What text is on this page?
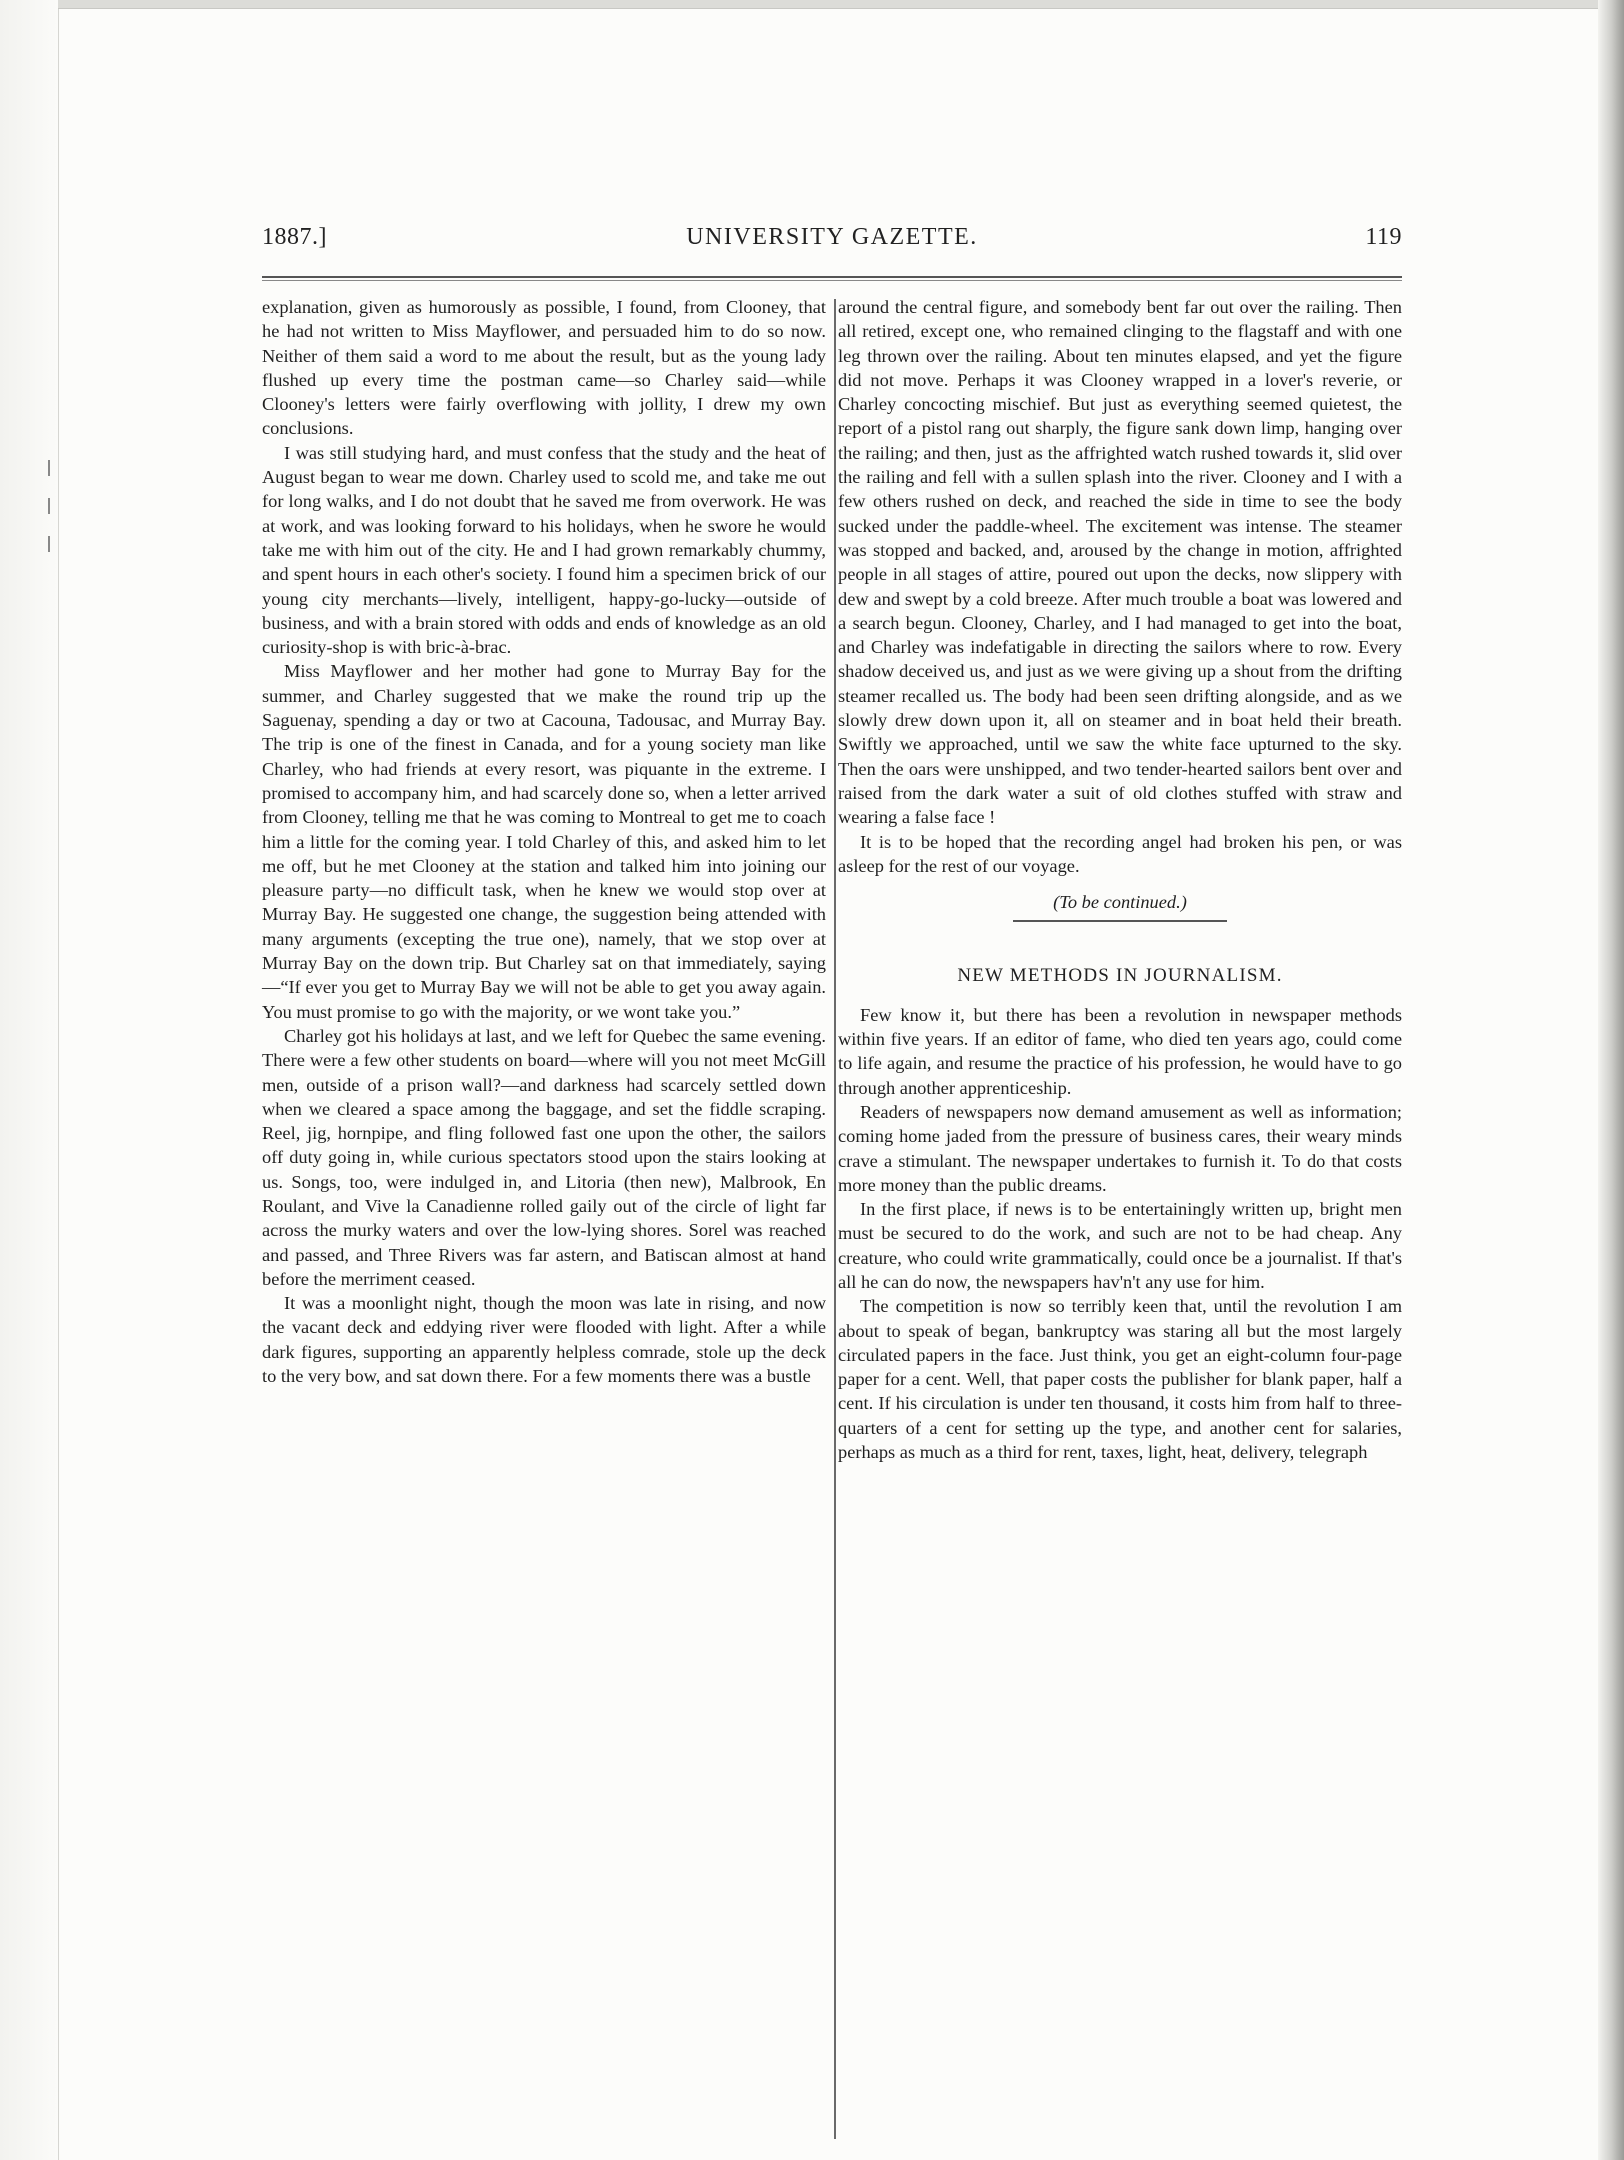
1887.]	UNIVERSITY GAZETTE.	119

explanation, given as humorously as possible, I found, from Clooney, that he had not written to Miss Mayflower, and persuaded him to do so now. Neither of them said a word to me about the result, but as the young lady flushed up every time the postman came—so Charley said—while Clooney's letters were fairly overflowing with jollity, I drew my own conclusions.

I was still studying hard, and must confess that the study and the heat of August began to wear me down. Charley used to scold me, and take me out for long walks, and I do not doubt that he saved me from overwork. He was at work, and was looking forward to his holidays, when he swore he would take me with him out of the city. He and I had grown remarkably chummy, and spent hours in each other's society. I found him a specimen brick of our young city merchants—lively, intelligent, happy-go-lucky—outside of business, and with a brain stored with odds and ends of knowledge as an old curiosity-shop is with bric-à-brac.

Miss Mayflower and her mother had gone to Murray Bay for the summer, and Charley suggested that we make the round trip up the Saguenay, spending a day or two at Cacouna, Tadousac, and Murray Bay. The trip is one of the finest in Canada, and for a young society man like Charley, who had friends at every resort, was piquante in the extreme. I promised to accompany him, and had scarcely done so, when a letter arrived from Clooney, telling me that he was coming to Montreal to get me to coach him a little for the coming year. I told Charley of this, and asked him to let me off, but he met Clooney at the station and talked him into joining our pleasure party—no difficult task, when he knew we would stop over at Murray Bay. He suggested one change, the suggestion being attended with many arguments (excepting the true one), namely, that we stop over at Murray Bay on the down trip. But Charley sat on that immediately, saying—“If ever you get to Murray Bay we will not be able to get you away again. You must promise to go with the majority, or we wont take you.”

Charley got his holidays at last, and we left for Quebec the same evening. There were a few other students on board—where will you not meet McGill men, outside of a prison wall?—and darkness had scarcely settled down when we cleared a space among the baggage, and set the fiddle scraping. Reel, jig, hornpipe, and fling followed fast one upon the other, the sailors off duty going in, while curious spectators stood upon the stairs looking at us. Songs, too, were indulged in, and Litoria (then new), Malbrook, En Roulant, and Vive la Canadienne rolled gaily out of the circle of light far across the murky waters and over the low-lying shores. Sorel was reached and passed, and Three Rivers was far astern, and Batiscan almost at hand before the merriment ceased.

It was a moonlight night, though the moon was late in rising, and now the vacant deck and eddying river were flooded with light. After a while dark figures, supporting an apparently helpless comrade, stole up the deck to the very bow, and sat down there. For a few moments there was a bustle

around the central figure, and somebody bent far out over the railing. Then all retired, except one, who remained clinging to the flagstaff and with one leg thrown over the railing. About ten minutes elapsed, and yet the figure did not move. Perhaps it was Clooney wrapped in a lover's reverie, or Charley concocting mischief. But just as everything seemed quietest, the report of a pistol rang out sharply, the figure sank down limp, hanging over the railing; and then, just as the affrighted watch rushed towards it, slid over the railing and fell with a sullen splash into the river. Clooney and I with a few others rushed on deck, and reached the side in time to see the body sucked under the paddle-wheel. The excitement was intense. The steamer was stopped and backed, and, aroused by the change in motion, affrighted people in all stages of attire, poured out upon the decks, now slippery with dew and swept by a cold breeze. After much trouble a boat was lowered and a search begun. Clooney, Charley, and I had managed to get into the boat, and Charley was indefatigable in directing the sailors where to row. Every shadow deceived us, and just as we were giving up a shout from the drifting steamer recalled us. The body had been seen drifting alongside, and as we slowly drew down upon it, all on steamer and in boat held their breath. Swiftly we approached, until we saw the white face upturned to the sky. Then the oars were unshipped, and two tender-hearted sailors bent over and raised from the dark water a suit of old clothes stuffed with straw and wearing a false face !

It is to be hoped that the recording angel had broken his pen, or was asleep for the rest of our voyage.

(To be continued.)
NEW METHODS IN JOURNALISM.

Few know it, but there has been a revolution in newspaper methods within five years. If an editor of fame, who died ten years ago, could come to life again, and resume the practice of his profession, he would have to go through another apprenticeship.

Readers of newspapers now demand amusement as well as information; coming home jaded from the pressure of business cares, their weary minds crave a stimulant. The newspaper undertakes to furnish it. To do that costs more money than the public dreams.

In the first place, if news is to be entertainingly written up, bright men must be secured to do the work, and such are not to be had cheap. Any creature, who could write grammatically, could once be a journalist. If that's all he can do now, the newspapers hav'n't any use for him.

The competition is now so terribly keen that, until the revolution I am about to speak of began, bankruptcy was staring all but the most largely circulated papers in the face. Just think, you get an eight-column four-page paper for a cent. Well, that paper costs the publisher for blank paper, half a cent. If his circulation is under ten thousand, it costs him from half to three-quarters of a cent for setting up the type, and another cent for salaries, perhaps as much as a third for rent, taxes, light, heat, delivery, telegraph
